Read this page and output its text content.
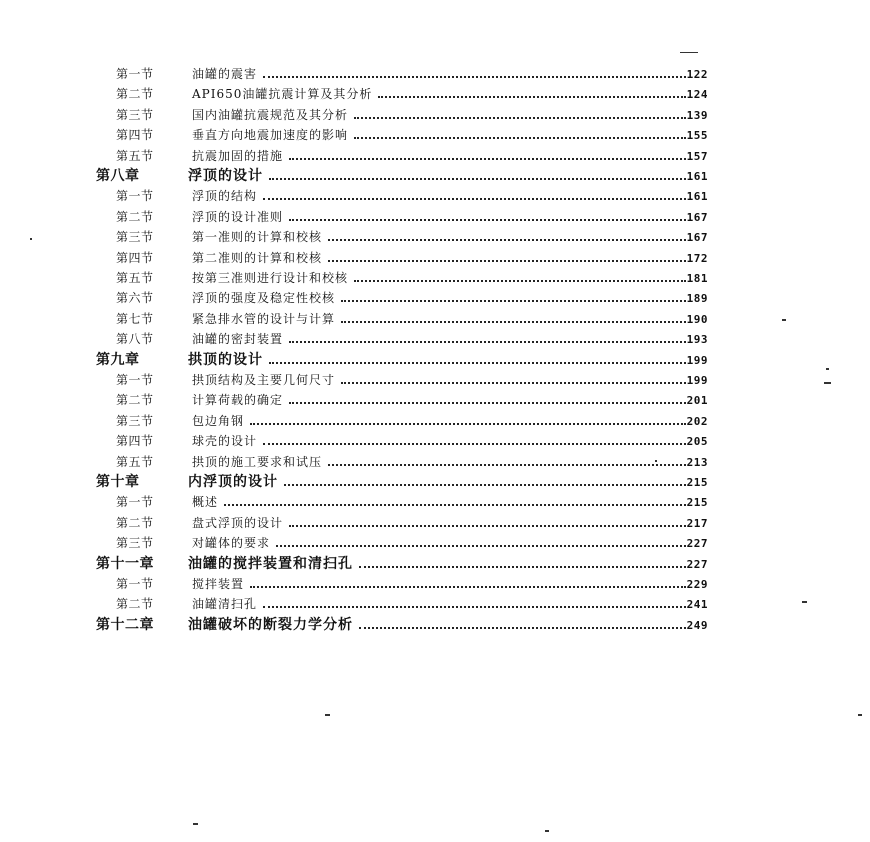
第一节	油罐的震害	122
第二节	API650油罐抗震计算及其分析	124
第三节	国内油罐抗震规范及其分析	139
第四节	垂直方向地震加速度的影响	155
第五节	抗震加固的措施	157
第八章	浮顶的设计	161
第一节	浮顶的结构	161
第二节	浮顶的设计准则	167
第三节	第一准则的计算和校核	167
第四节	第二准则的计算和校核	172
第五节	按第三准则进行设计和校核	181
第六节	浮顶的强度及稳定性校核	189
第七节	紧急排水管的设计与计算	190
第八节	油罐的密封装置	193
第九章	拱顶的设计	199
第一节	拱顶结构及主要几何尺寸	199
第二节	计算荷载的确定	201
第三节	包边角钢	202
第四节	球壳的设计	205
第五节	拱顶的施工要求和试压	213
第十章	内浮顶的设计	215
第一节	概述	215
第二节	盘式浮顶的设计	217
第三节	对罐体的要求	227
第十一章	油罐的搅拌装置和清扫孔	227
第一节	搅拌装置	229
第二节	油罐清扫孔	241
第十二章	油罐破坏的断裂力学分析	249
